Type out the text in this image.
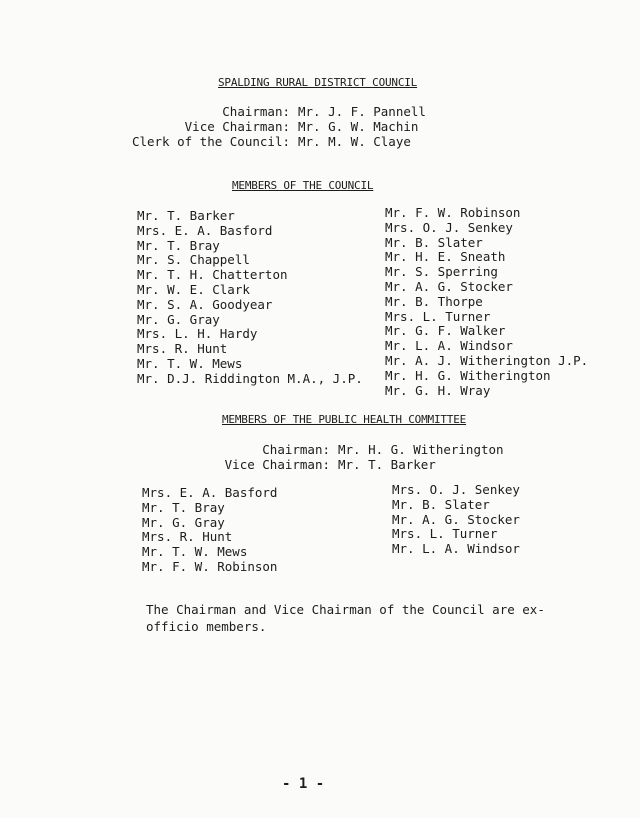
SPALDING RURAL DISTRICT COUNCIL
Chairman: Mr. J. F. Pannell
Vice Chairman: Mr. G. W. Machin
Clerk of the Council: Mr. M. W. Claye
MEMBERS OF THE COUNCIL
Mr. T. Barker
Mrs. E. A. Basford
Mr. T. Bray
Mr. S. Chappell
Mr. T. H. Chatterton
Mr. W. E. Clark
Mr. S. A. Goodyear
Mr. G. Gray
Mrs. L. H. Hardy
Mrs. R. Hunt
Mr. T. W. Mews
Mr. D.J. Riddington M.A., J.P.
Mr. F. W. Robinson
Mrs. O. J. Senkey
Mr. B. Slater
Mr. H. E. Sneath
Mr. S. Sperring
Mr. A. G. Stocker
Mr. B. Thorpe
Mrs. L. Turner
Mr. G. F. Walker
Mr. L. A. Windsor
Mr. A. J. Witherington J.P.
Mr. H. G. Witherington
Mr. G. H. Wray
MEMBERS OF THE PUBLIC HEALTH COMMITTEE
Chairman: Mr. H. G. Witherington
Vice Chairman: Mr. T. Barker
Mrs. E. A. Basford
Mr. T. Bray
Mr. G. Gray
Mrs. R. Hunt
Mr. T. W. Mews
Mr. F. W. Robinson
Mrs. O. J. Senkey
Mr. B. Slater
Mr. A. G. Stocker
Mrs. L. Turner
Mr. L. A. Windsor
The Chairman and Vice Chairman of the Council are ex-officio members.
- 1 -
